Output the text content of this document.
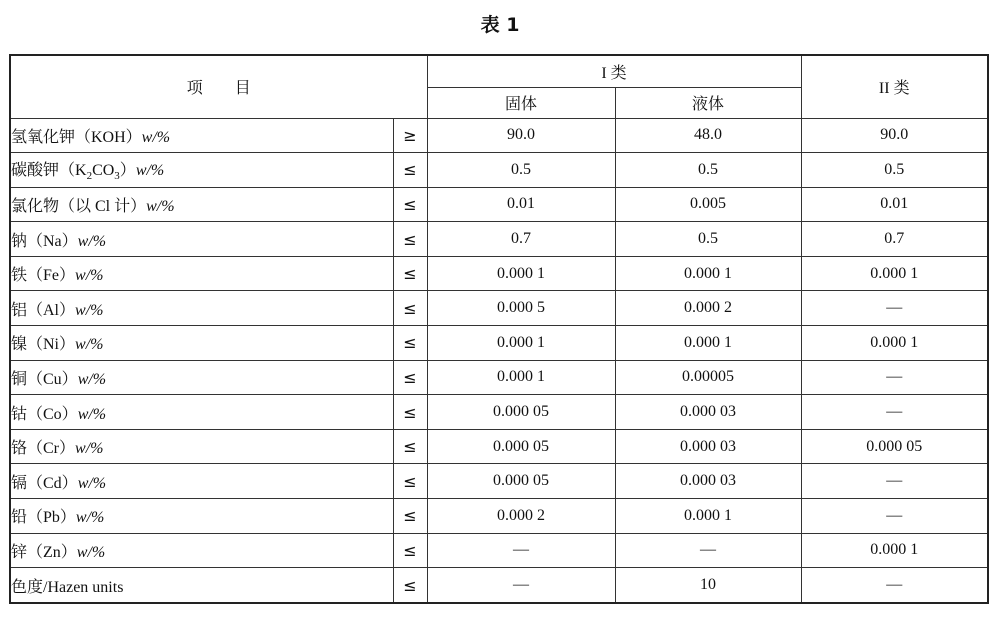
表 1
项　　目		I 类		II 类
		固体	液体	
氢氧化钾（KOH）w/%	≥	90.0	48.0	90.0
碳酸钾$(K_2CO_3)w/\%$	≤	0.5	0.5	0.5
氯化物（以 Cl 计）w/%	≤	0.01	0.005	0.01
钠（Na）w/%	≤	0.7	0.5	0.7
铁（Fe）w/%	≤	0.000 1	0.000 1	0.000 1
铝（Al）w/%	≤	0.000 5	0.000 2	—
镍（Ni）w/%	≤	0.000 1	0.000 1	0.000 1
铜（Cu）w/%	≤	0.000 1	0.00005	—
钴（Co）w/%	≤	0.000 05	0.000 03	—
铬（Cr）w/%	≤	0.000 05	0.000 03	0.000 05
镉（Cd）w/%	≤	0.000 05	0.000 03	—
铅（Pb）w/%	≤	0.000 2	0.000 1	—
锌（Zn）w/%	≤	—	—	0.000 1
色度/Hazen units	≤	—	10	—
